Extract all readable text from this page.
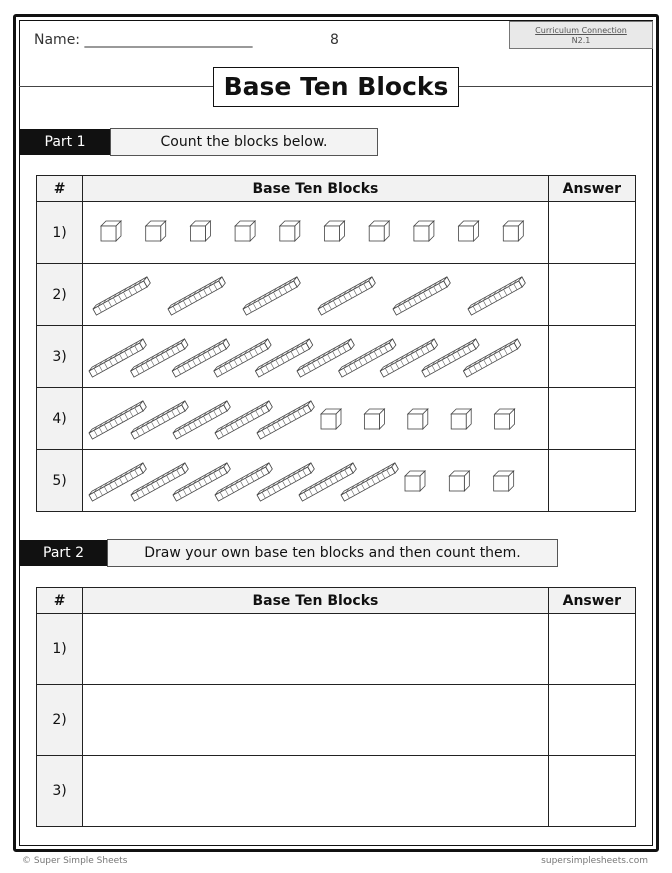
Name: ________________________	8
Curriculum Connection
N2.1
Base Ten Blocks
Part 1	Count the blocks below.
#	Base Ten Blocks	Answer
1)	

2)	

3)	

4)	

5)	

Part 2	Draw your own base ten blocks and then count them.
#	Base Ten Blocks	Answer
1)		
2)		
3)		
© Super Simple Sheets	supersimplesheets.com
